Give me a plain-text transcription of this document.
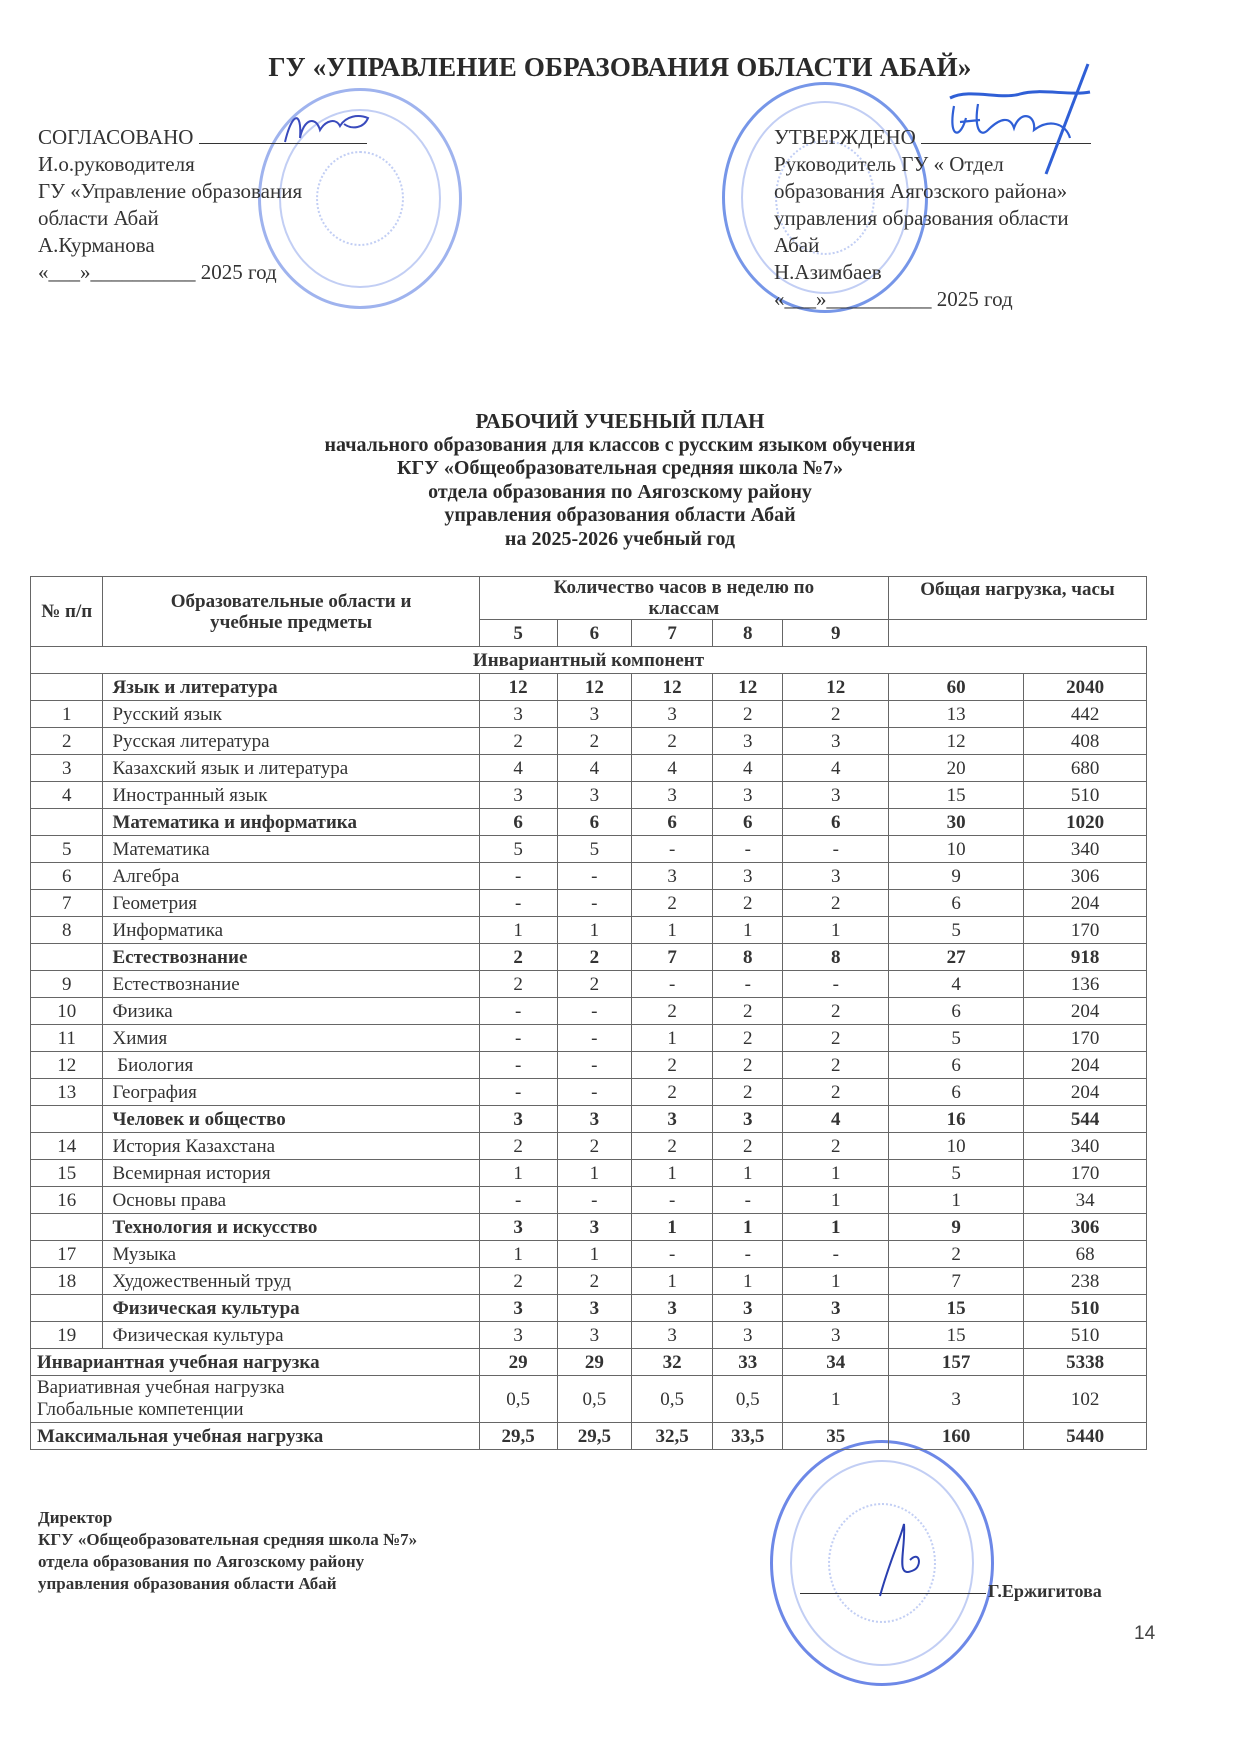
ГУ «УПРАВЛЕНИЕ ОБРАЗОВАНИЯ ОБЛАСТИ АБАЙ»
СОГЛАСОВАНО
И.о.руководителя
ГУ «Управление образования
области Абай
А.Курманова
«___»__________ 2025 год
УТВЕРЖДЕНО
Руководитель ГУ « Отдел
образования Аягозского района»
управления образования области
Абай
Н.Азимбаев
«___»__________ 2025 год
РАБОЧИЙ УЧЕБНЫЙ ПЛАН
начального образования для классов с русским языком обучения
КГУ «Общеобразовательная средняя школа №7»
отдела образования по Аягозскому району
управления образования области Абай
на 2025-2026 учебный год
№ п/п	Образовательные области и учебные предметы	Количество часов в неделю по классам					Общая нагрузка, часы	
		5	6	7	8	9		
Инвариантный компонент								
	Язык и литература	12	12	12	12	12	60	2040
1	Русский язык	3	3	3	2	2	13	442
2	Русская литература	2	2	2	3	3	12	408
3	Казахский язык и литература	4	4	4	4	4	20	680
4	Иностранный язык	3	3	3	3	3	15	510
	Математика и информатика	6	6	6	6	6	30	1020
5	Математика	5	5	-	-	-	10	340
6	Алгебра	-	-	3	3	3	9	306
7	Геометрия	-	-	2	2	2	6	204
8	Информатика	1	1	1	1	1	5	170
	Естествознание	2	2	7	8	8	27	918
9	Естествознание	2	2	-	-	-	4	136
10	Физика	-	-	2	2	2	6	204
11	Химия	-	-	1	2	2	5	170
12	Биология	-	-	2	2	2	6	204
13	География	-	-	2	2	2	6	204
	Человек и общество	3	3	3	3	4	16	544
14	История Казахстана	2	2	2	2	2	10	340
15	Всемирная история	1	1	1	1	1	5	170
16	Основы права	-	-	-	-	1	1	34
	Технология и искусство	3	3	1	1	1	9	306
17	Музыка	1	1	-	-	-	2	68
18	Художественный труд	2	2	1	1	1	7	238
	Физическая культура	3	3	3	3	3	15	510
19	Физическая культура	3	3	3	3	3	15	510
Инвариантная учебная нагрузка		29	29	32	33	34	157	5338

Вариативная учебная нагрузка
Глобальные компетенции		0,5	0,5	0,5	0,5	1	3	102
Максимальная учебная нагрузка		29,5	29,5	32,5	33,5	35	160	5440
Директор
КГУ «Общеобразовательная средняя школа №7»
отдела образования по Аягозскому району
управления образования области Абай	Г.Ержигитова
14
